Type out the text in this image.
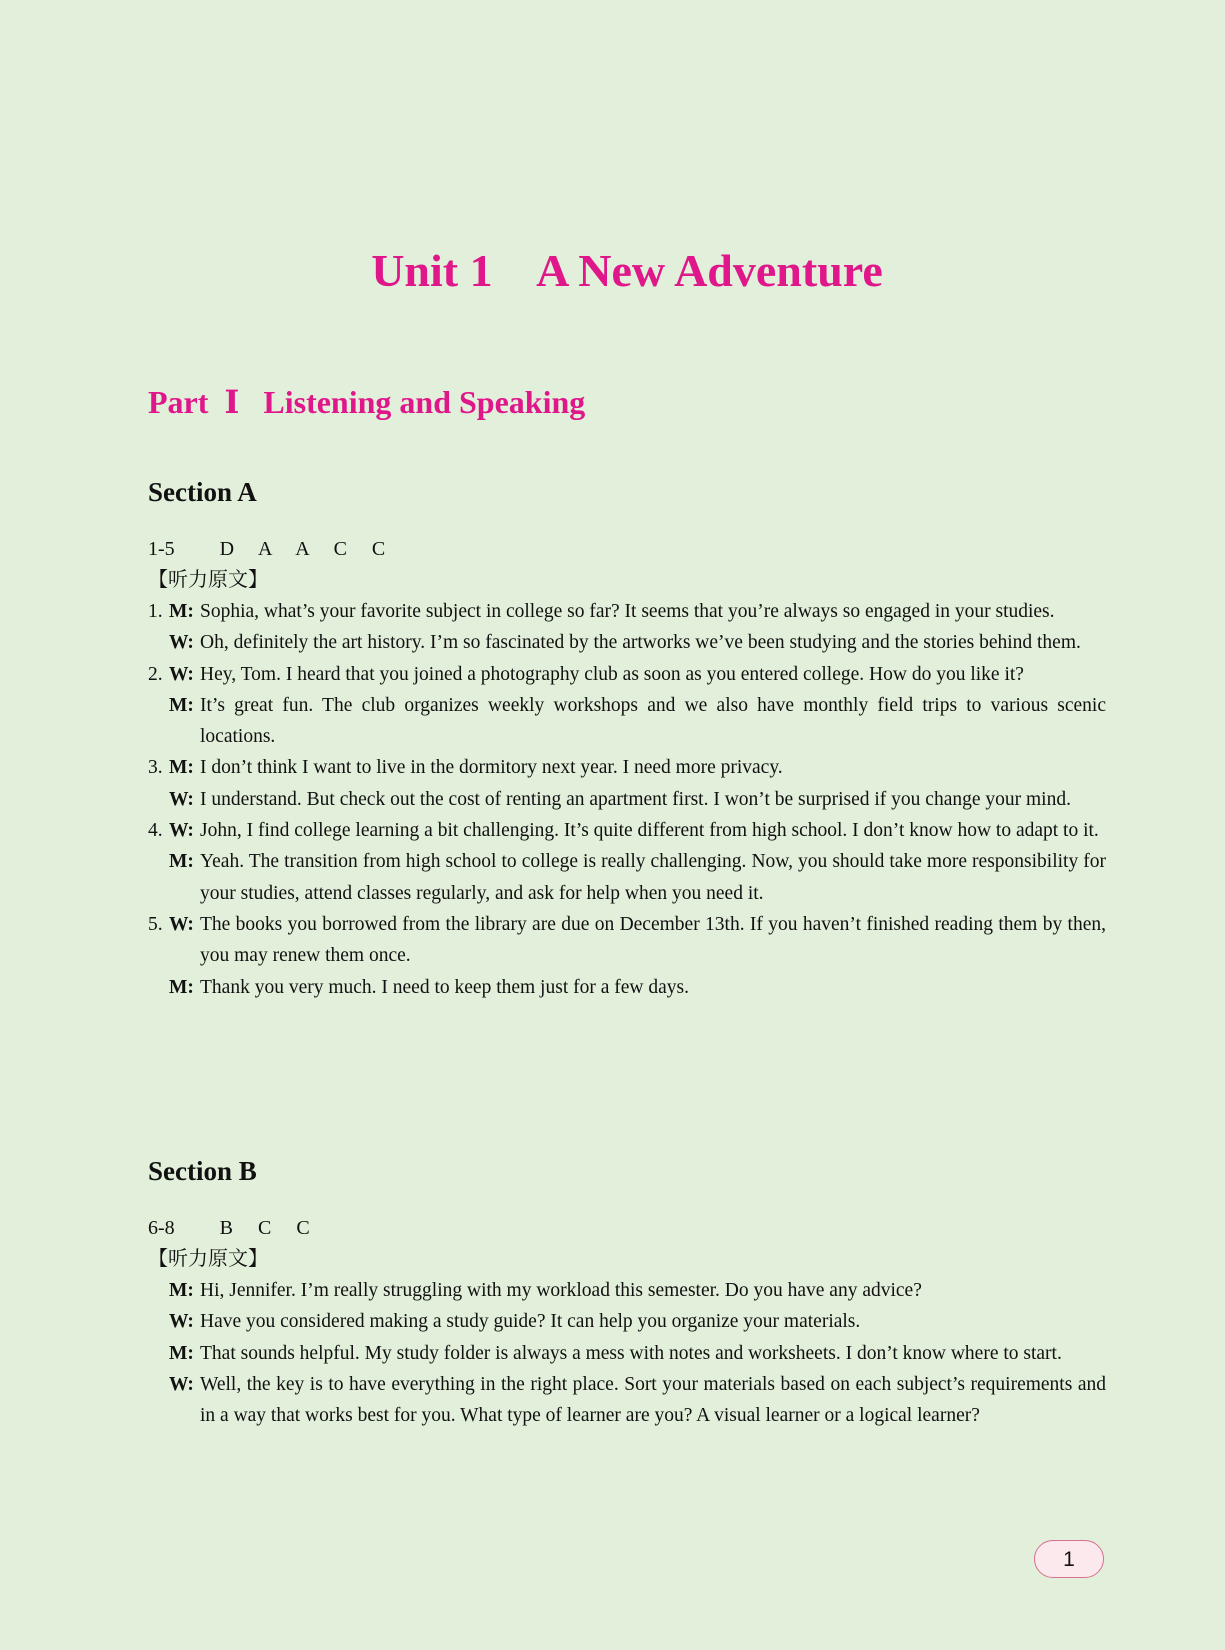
Unit 1    A New Adventure
Part  Ⅰ   Listening and Speaking
Section A
1-5         D     A     A     C     C
【听力原文】
1. M: Sophia, what’s your favorite subject in college so far? It seems that you’re always so engaged in your studies.
W: Oh, definitely the art history. I’m so fascinated by the artworks we’ve been studying and the stories behind them.
2. W: Hey, Tom. I heard that you joined a photography club as soon as you entered college. How do you like it?
M: It’s great fun. The club organizes weekly workshops and we also have monthly field trips to various scenic locations.
3. M: I don’t think I want to live in the dormitory next year. I need more privacy.
W: I understand. But check out the cost of renting an apartment first. I won’t be surprised if you change your mind.
4. W: John, I find college learning a bit challenging. It’s quite different from high school. I don’t know how to adapt to it.
M: Yeah. The transition from high school to college is really challenging. Now, you should take more responsibility for your studies, attend classes regularly, and ask for help when you need it.
5. W: The books you borrowed from the library are due on December 13th. If you haven’t finished reading them by then, you may renew them once.
M: Thank you very much. I need to keep them just for a few days.
Section B
6-8         B     C     C
【听力原文】
M: Hi, Jennifer. I’m really struggling with my workload this semester. Do you have any advice?
W: Have you considered making a study guide? It can help you organize your materials.
M: That sounds helpful. My study folder is always a mess with notes and worksheets. I don’t know where to start.
W: Well, the key is to have everything in the right place. Sort your materials based on each subject’s requirements and in a way that works best for you. What type of learner are you? A visual learner or a logical learner?
1
